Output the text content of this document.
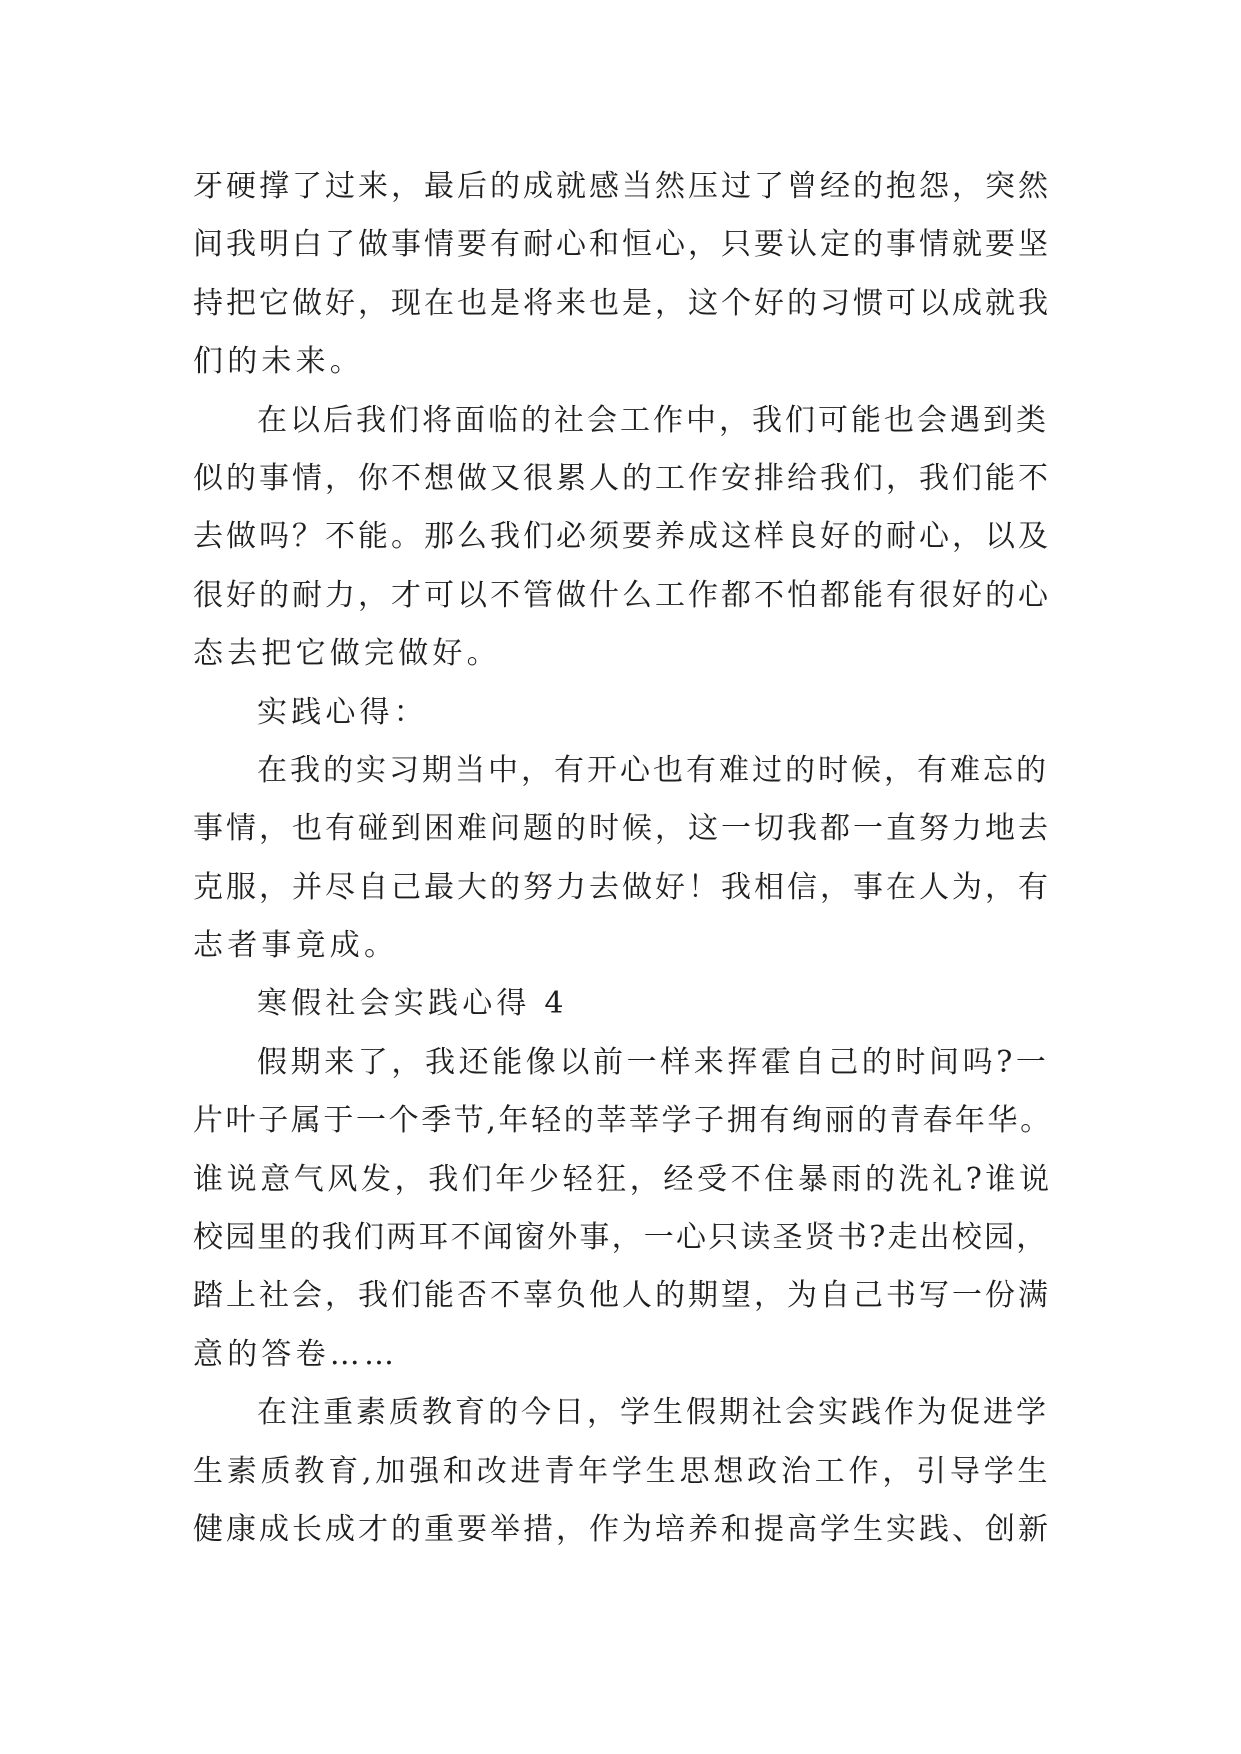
牙硬撑了过来，最后的成就感当然压过了曾经的抱怨，突然
间我明白了做事情要有耐心和恒心，只要认定的事情就要坚
持把它做好，现在也是将来也是，这个好的习惯可以成就我
们的未来。
在以后我们将面临的社会工作中，我们可能也会遇到类
似的事情，你不想做又很累人的工作安排给我们，我们能不
去做吗？不能。那么我们必须要养成这样良好的耐心，以及
很好的耐力，才可以不管做什么工作都不怕都能有很好的心
态去把它做完做好。
实践心得：
在我的实习期当中，有开心也有难过的时候，有难忘的
事情，也有碰到困难问题的时候，这一切我都一直努力地去
克服，并尽自己最大的努力去做好！我相信，事在人为，有
志者事竟成。
寒假社会实践心得 4
假期来了，我还能像以前一样来挥霍自己的时间吗?一
片叶子属于一个季节,年轻的莘莘学子拥有绚丽的青春年华。
谁说意气风发，我们年少轻狂，经受不住暴雨的洗礼?谁说
校园里的我们两耳不闻窗外事，一心只读圣贤书?走出校园，
踏上社会，我们能否不辜负他人的期望，为自己书写一份满
意的答卷……
在注重素质教育的今日，学生假期社会实践作为促进学
生素质教育,加强和改进青年学生思想政治工作，引导学生
健康成长成才的重要举措，作为培养和提高学生实践、创新
